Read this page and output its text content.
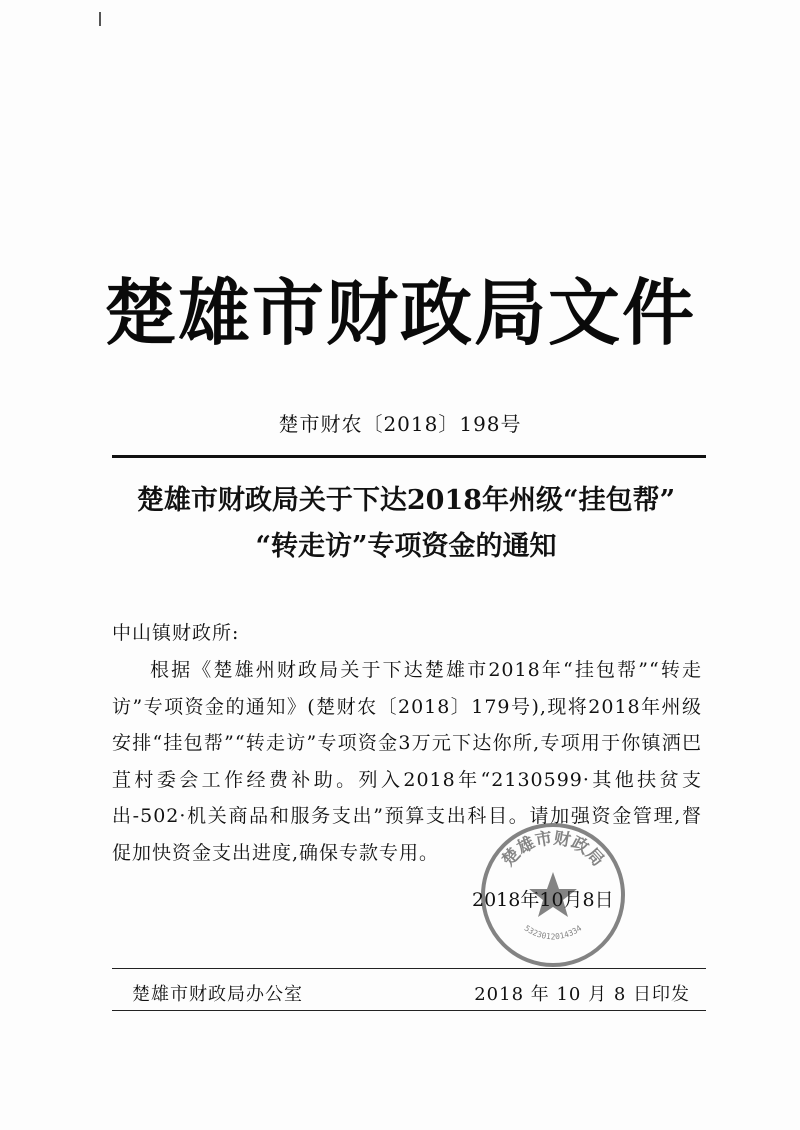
楚雄市财政局文件
楚市财农〔2018〕198号
楚雄市财政局关于下达2018年州级“挂包帮”
“转走访”专项资金的通知
中山镇财政所:
根据《楚雄州财政局关于下达楚雄市2018年“挂包帮”“转走访”专项资金的通知》(楚财农〔2018〕179号),现将2018年州级安排“挂包帮”“转走访”专项资金3万元下达你所,专项用于你镇洒巴苴村委会工作经费补助。列入2018年“2130599·其他扶贫支出-502·机关商品和服务支出”预算支出科目。请加强资金管理,督促加快资金支出进度,确保专款专用。	楚雄市财政局
5323012014334
2018年10月8日
楚雄市财政局办公室	2018 年 10 月 8 日印发
